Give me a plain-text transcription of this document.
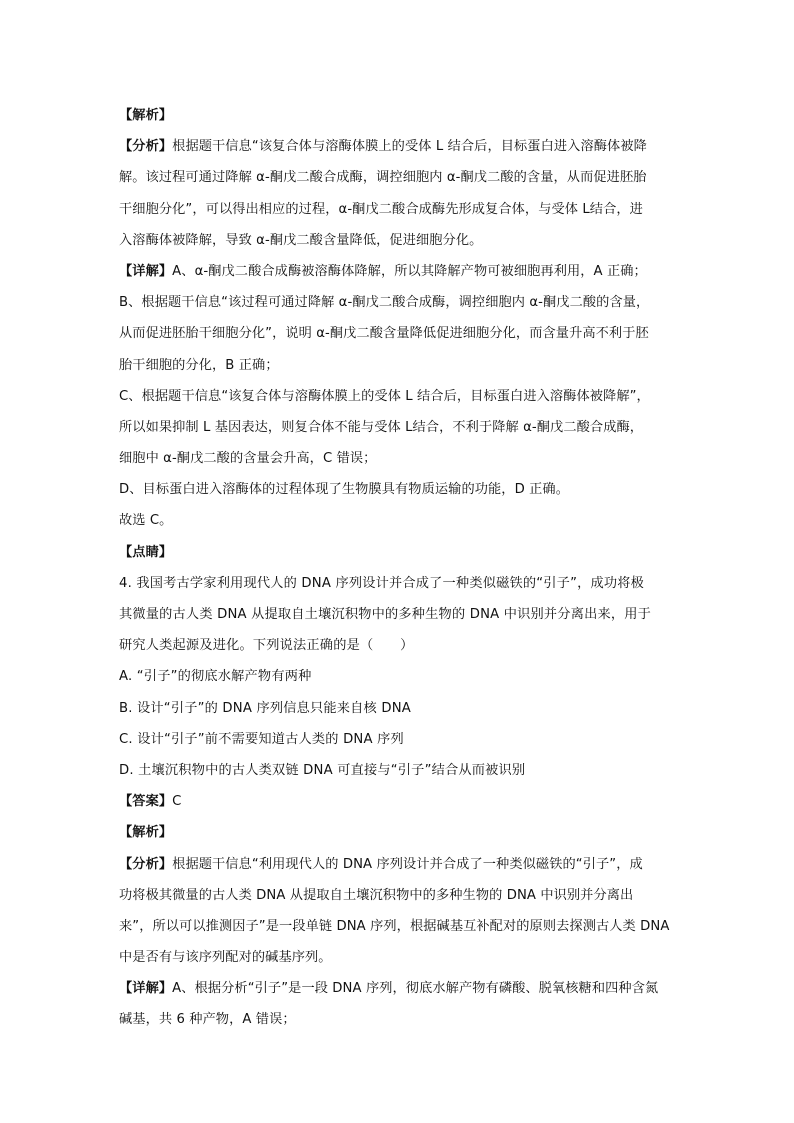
【解析】
【分析】根据题干信息“该复合体与溶酶体膜上的受体 L 结合后，目标蛋白进入溶酶体被降
解。该过程可通过降解 α-酮戊二酸合成酶，调控细胞内 α-酮戊二酸的含量，从而促进胚胎
干细胞分化”，可以得出相应的过程，α-酮戊二酸合成酶先形成复合体，与受体 L结合，进
入溶酶体被降解，导致 α-酮戊二酸含量降低，促进细胞分化。
【详解】A、α-酮戊二酸合成酶被溶酶体降解，所以其降解产物可被细胞再利用，A 正确；
B、根据题干信息“该过程可通过降解 α-酮戊二酸合成酶，调控细胞内 α-酮戊二酸的含量，
从而促进胚胎干细胞分化”，说明 α-酮戊二酸含量降低促进细胞分化，而含量升高不利于胚
胎干细胞的分化，B 正确；
C、根据题干信息“该复合体与溶酶体膜上的受体 L 结合后，目标蛋白进入溶酶体被降解”，
所以如果抑制 L 基因表达，则复合体不能与受体 L结合，不利于降解 α-酮戊二酸合成酶，
细胞中 α-酮戊二酸的含量会升高，C 错误；
D、目标蛋白进入溶酶体的过程体现了生物膜具有物质运输的功能，D 正确。
故选 C。
【点睛】
4. 我国考古学家利用现代人的 DNA 序列设计并合成了一种类似磁铁的“引子”，成功将极
其微量的古人类 DNA 从提取自土壤沉积物中的多种生物的 DNA 中识别并分离出来，用于
研究人类起源及进化。下列说法正确的是（　　）
A. “引子”的彻底水解产物有两种
B. 设计“引子”的 DNA 序列信息只能来自核 DNA
C. 设计“引子”前不需要知道古人类的 DNA 序列
D. 土壤沉积物中的古人类双链 DNA 可直接与“引子”结合从而被识别
【答案】C
【解析】
【分析】根据题干信息“利用现代人的 DNA 序列设计并合成了一种类似磁铁的“引子”，成
功将极其微量的古人类 DNA 从提取自土壤沉积物中的多种生物的 DNA 中识别并分离出
来”，所以可以推测因子”是一段单链 DNA 序列，根据碱基互补配对的原则去探测古人类 DNA
中是否有与该序列配对的碱基序列。
【详解】A、根据分析“引子”是一段 DNA 序列，彻底水解产物有磷酸、脱氧核糖和四种含氮
碱基，共 6 种产物，A 错误；
